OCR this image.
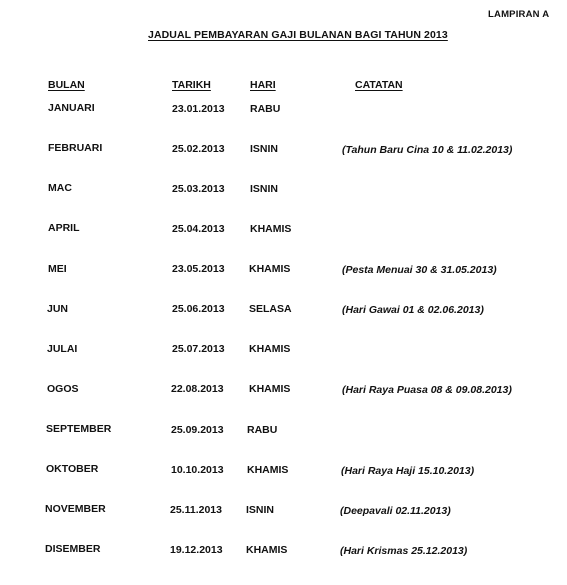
LAMPIRAN A
JADUAL PEMBAYARAN GAJI BULANAN BAGI TAHUN 2013
BULAN	TARIKH	HARI	CATATAN
JANUARI	23.01.2013 RABU
FEBRUARI	25.02.2013 ISNIN	(Tahun Baru Cina 10 & 11.02.2013)
MAC	25.03.2013 ISNIN
APRIL	25.04.2013 KHAMIS
MEI	23.05.2013 KHAMIS	(Pesta Menuai 30 & 31.05.2013)
JUN	25.06.2013 SELASA	(Hari Gawai 01 & 02.06.2013)
JULAI	25.07.2013 KHAMIS
OGOS	22.08.2013 KHAMIS	(Hari Raya Puasa 08 & 09.08.2013)
SEPTEMBER	25.09.2013 RABU
OKTOBER	10.10.2013 KHAMIS	(Hari Raya Haji 15.10.2013)
NOVEMBER	25.11.2013 ISNIN	(Deepavali 02.11.2013)
DISEMBER	19.12.2013 KHAMIS	(Hari Krismas 25.12.2013)
